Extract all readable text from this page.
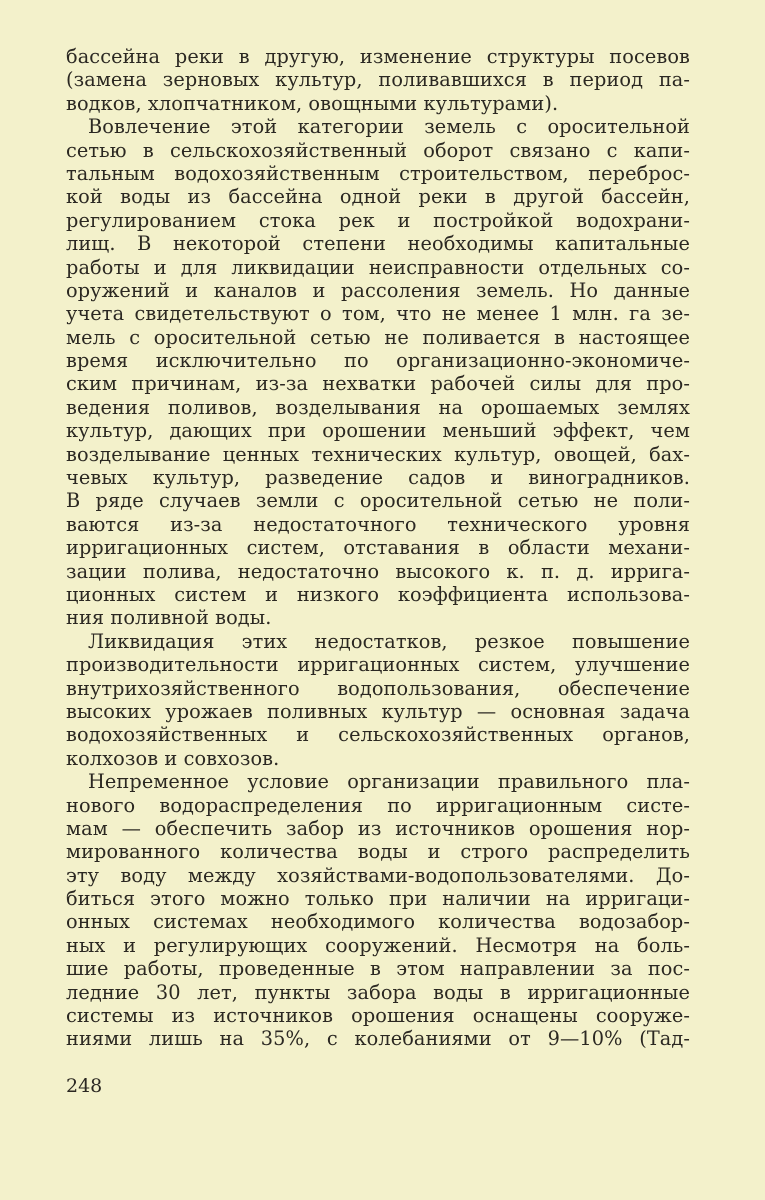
бассейна реки в другую, изменение структуры посевов
(замена зерновых культур, поливавшихся в период па-
водков, хлопчатником, овощными культурами).
Вовлечение этой категории земель с оросительной
сетью в сельскохозяйственный оборот связано с капи-
тальным водохозяйственным строительством, переброс-
кой воды из бассейна одной реки в другой бассейн,
регулированием стока рек и постройкой водохрани-
лищ. В некоторой степени необходимы капитальные
работы и для ликвидации неисправности отдельных со-
оружений и каналов и рассоления земель. Но данные
учета свидетельствуют о том, что не менее 1 млн. га зе-
мель с оросительной сетью не поливается в настоящее
время исключительно по организационно-экономиче-
ским причинам, из-за нехватки рабочей силы для про-
ведения поливов, возделывания на орошаемых землях
культур, дающих при орошении меньший эффект, чем
возделывание ценных технических культур, овощей, бах-
чевых культур, разведение садов и виноградников.
В ряде случаев земли с оросительной сетью не поли-
ваются из-за недостаточного технического уровня
ирригационных систем, отставания в области механи-
зации полива, недостаточно высокого к. п. д. ирригa-
ционных систем и низкого коэффициента использова-
ния поливной воды.
Ликвидация этих недостатков, резкое повышение
производительности ирригационных систем, улучшение
внутрихозяйственного водопользования, обеспечение
высоких урожаев поливных культур — основная задача
водохозяйственных и сельскохозяйственных органов,
колхозов и совхозов.
Непременное условие организации правильного пла-
нового водораспределения по ирригационным систе-
мам — обеспечить забор из источников орошения нор-
мированного количества воды и строго распределить
эту воду между хозяйствами-водопользователями. До-
биться этого можно только при наличии на ирригаци-
онных системах необходимого количества водозабор-
ных и регулирующих сооружений. Несмотря на боль-
шие работы, проведенные в этом направлении за пос-
ледние 30 лет, пункты забора воды в ирригационные
системы из источников орошения оснащены сооруже-
ниями лишь на 35%, с колебаниями от 9—10% (Тад-
248
